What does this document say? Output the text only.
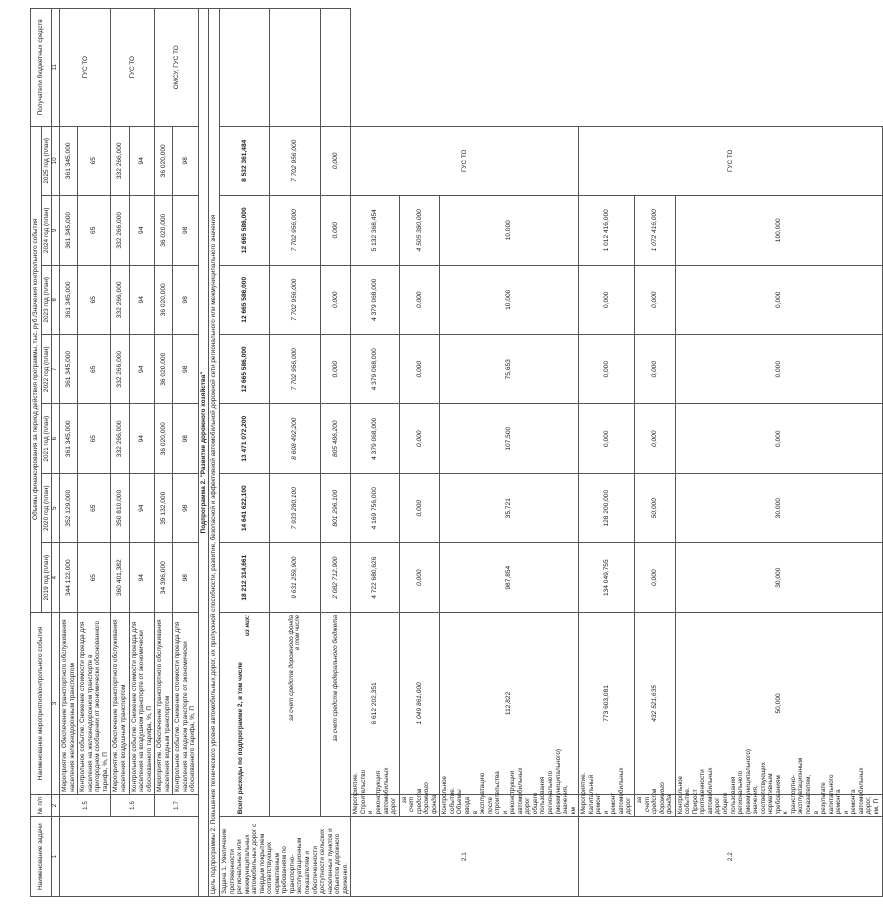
Наименование задачи	№ п/п	Наименование мероприятия/контрольного события	Объемы финансирования за период действия программы, тыс. руб./Значения контрольного события							Получатели бюджетных средств
			2019 год (план)	2020 год (план)	2021 год (план)	2022 год (план)	2023 год (план)	2024 год (план)	2025 год (план)	
1	2	3	4	5	6	7	8	9	10	11
	1.5	Мероприятие. Обеспечение транспортного обслуживания населения железнодорожным транспортом	344 122,000	352 129,000	361 345,000	361 345,000	361 345,000	361 345,000	361 345,000	ГУС ТО
		Контрольное событие. Снижение стоимости проезда для населения на железнодорожном транспорте в пригородном сообщении от экономически обоснованного тарифа, %, П	65	65	65	65	65	65	65	
	1.6	Мероприятие. Обеспечение транспортного обслуживания населения воздушным транспортом	360 401,382	350 810,000	332 266,000	332 266,000	332 266,000	332 266,000	332 266,000	ГУС ТО
		Контрольное событие. Снижение стоимости проезда для населения на воздушном транспорте от экономически обоснованного тарифа, %, П	94	94	94	94	94	94	94	
	1.7	Мероприятие. Обеспечение транспортного обслуживания населения водным транспортом	34 396,000	35 132,000	36 020,000	36 020,000	36 020,000	36 020,000	36 020,000	ОМСУ, ГУС ТО
		Контрольное событие. Снижение стоимости проезда для населения на водном транспорте от экономически обоснованного тарифа, %, П	98	98	98	98	98	98	98	
Подпрограмма 2. "Развитие дорожного хозяйства"										
Цель подпрограммы 2. Повышение технического уровня автомобильных дорог, их пропускной способности, развитие, безопасной и эффективной автомобильной дорожной сети регионального или межмуниципального значения										
Задача 1. Увеличение протяженности региональных или межмуниципальных автомобильных дорог с твердым покрытием соответствующих нормативным требованиям по транспортно-эксплуатационным показателям и обеспеченности доступности сельских населенных пунктов и объектов дорожного движения.	Всего расходы по подпрограмме 2, в том числе
из них:		18 212 314,661	14 641 622,100	13 471 072,200	12 665 586,000	12 665 586,000	12 665 586,000	8 532 361,484	
	за счет средств дорожного фонда в том числе		9 631 259,900	7 933 280,100	8 608 492,200	7 702 956,000	7 702 956,000	7 702 956,000	7 702 956,000	
	за счет средств федерального бюджета		2 082 712,900	801 296,100	805 486,200	0,000	0,000	0,000	0,000	
2.1	Мероприятие. Строительство и реконструкция автомобильных дорог	6 612 202,351	4 722 680,626	4 169 756,000	4 379 068,000	4 379 068,000	4 379 068,000	5 132 368,454	ГУС ТО	
	за счет средств дорожного фонда	1 049 861,000	0,000	0,000	0,000	0,000	0,000	4 505 380,000		
	Контрольное событие. Объемы ввода в эксплуатацию после строительства и реконструкции автомобильных дорог общего пользования регионального (межмуниципального) значения, км	112,822	987,854	35,721	107,500	75,653	10,000	10,000		
2.2	Мероприятие. Капитальный ремонт и ремонт автомобильных дорог	773 603,081	134 049,755	128 200,000	0,000	0,000	0,000	1 012 416,000	ГУС ТО	
	за счет средств дорожного фонда	432 521,635	0,000	50,000	0,000	0,000	0,000	1 072 416,000		
	Контрольное событие. Прирост протяженности автомобильных дорог общего пользования регионального (межмуниципального) значения, соответствующих нормативным требованиям к транспортно-эксплуатационным показателям, в результате капитального ремонта и ремонта автомобильных дорог, км, П	50,000	30,000	30,000	0,000	0,000	0,000	100,000		
